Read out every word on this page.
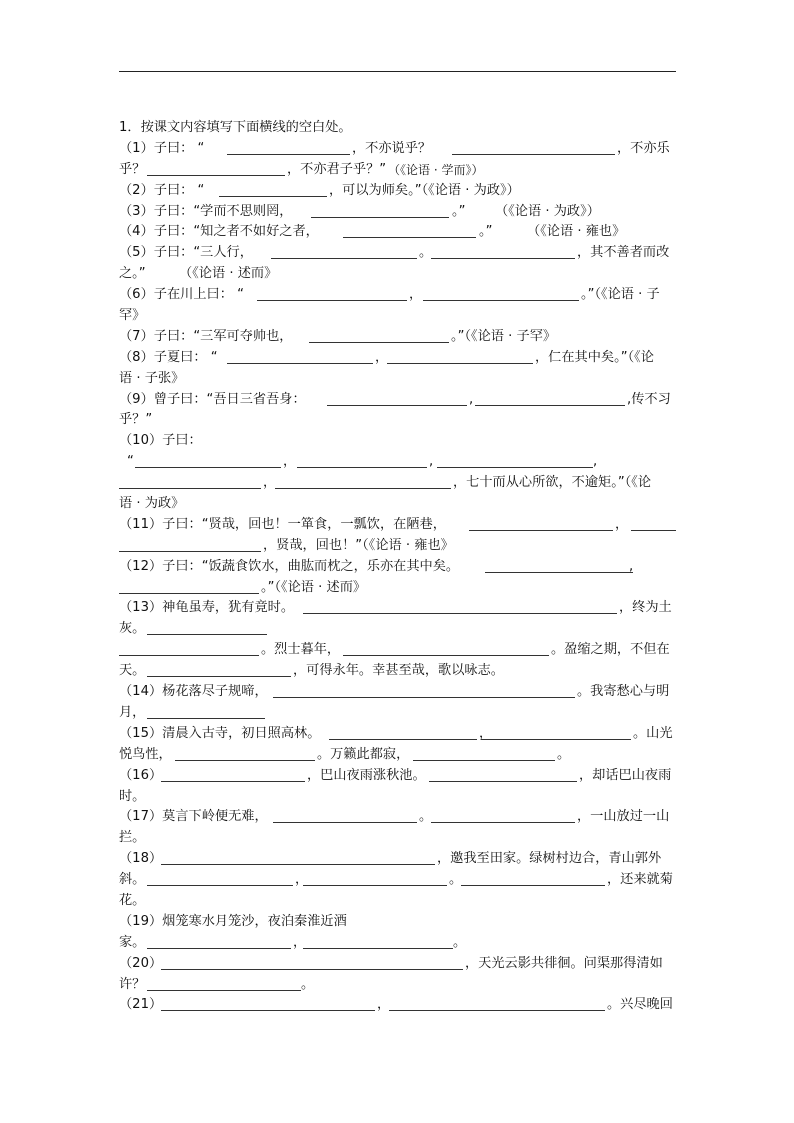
1．按课文内容填写下面横线的空白处。
（1）子曰： “	，不亦说乎？	，不亦乐
乎？	，不亦君子乎？” （《论语 · 学而》）
（2）子曰： “	，可以为师矣。”（《论语 · 为政》）
（3）子曰：“学而不思则罔，	。” （《论语 · 为政》）
（4）子曰：“知之者不如好之者，	。”	（《论语 · 雍也》
（5）子曰：“三人行，	。	，其不善者而改
之。”	（《论语 · 述而》
（6）子在川上曰： “	，	。”（《论语 · 子
罕》
（7）子曰：“三军可夺帅也，	。”（《论语 · 子罕》
（8）子夏曰： “	，	，仁在其中矣。”（《论
语 · 子张》
（9）曾子曰：“吾日三省吾身：	,	,传不习
乎？”
（10）子曰：
“	，	,	,
，	，七十而从心所欲，不逾矩。”（《论
语 · 为政》
（11）子曰：“贤哉，回也！一箪食，一瓢饮，在陋巷，	，
，贤哉，回也！”（《论语 · 雍也》
（12）子曰：“饭蔬食饮水，曲肱而枕之，乐亦在其中矣。	,
。”（《论语 · 述而》
（13）神龟虽寿，犹有竟时。	，终为土
灰。
。烈士暮年，	。盈缩之期，不但在
天。	，可得永年。幸甚至哉，歌以咏志。
（14）杨花落尽子规啼，	。我寄愁心与明
月，
（15）清晨入古寺，初日照高林。	，	。山光
悦鸟性，	。万籁此都寂，	。
（16）	，巴山夜雨涨秋池。	，却话巴山夜雨
时。
（17）莫言下岭便无难，	。	，一山放过一山
拦。
（18）	，邀我至田家。绿树村边合，青山郭外
斜。	，	。	，还来就菊
花。
（19）烟笼寒水月笼沙，夜泊秦淮近酒
家。	，	。
（20）	，天光云影共徘徊。问渠那得清如
许？	。
（21）	，	。兴尽晚回
